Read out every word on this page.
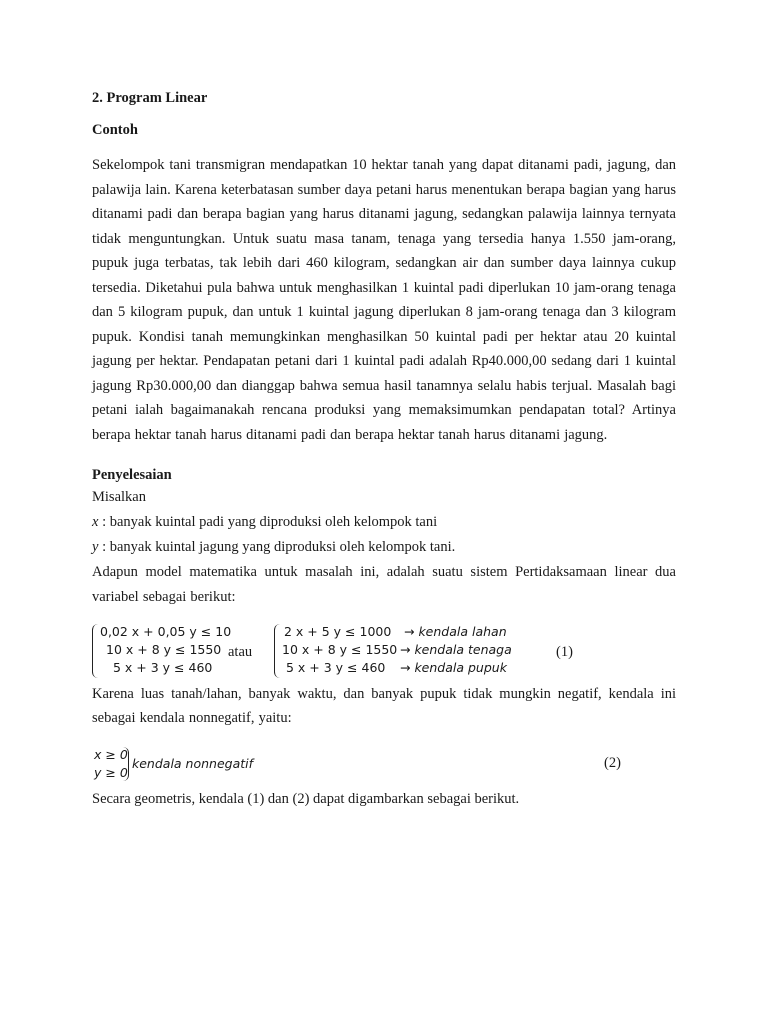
2. Program Linear

Contoh

Sekelompok tani transmigran mendapatkan 10 hektar tanah yang dapat ditanami padi, jagung, dan palawija lain. Karena keterbatasan sumber daya petani harus menentukan berapa bagian yang harus ditanami padi dan berapa bagian yang harus ditanami jagung, sedangkan palawija lainnya ternyata tidak menguntungkan. Untuk suatu masa tanam, tenaga yang tersedia hanya 1.550 jam-orang, pupuk juga terbatas, tak lebih dari 460 kilogram, sedangkan air dan sumber daya lainnya cukup tersedia. Diketahui pula bahwa untuk menghasilkan 1 kuintal padi diperlukan 10 jam-orang tenaga dan 5 kilogram pupuk, dan untuk 1 kuintal jagung diperlukan 8 jam-orang tenaga dan 3 kilogram pupuk. Kondisi tanah memungkinkan menghasilkan 50 kuintal padi per hektar atau 20 kuintal jagung per hektar. Pendapatan petani dari 1 kuintal padi adalah Rp40.000,00 sedang dari 1 kuintal jagung Rp30.000,00 dan dianggap bahwa semua hasil tanamnya selalu habis terjual. Masalah bagi petani ialah bagaimanakah rencana produksi yang memaksimumkan pendapatan total? Artinya berapa hektar tanah harus ditanami padi dan berapa hektar tanah harus ditanami jagung.

Penyelesaian

Misalkan

x : banyak kuintal padi yang diproduksi oleh kelompok tani

y : banyak kuintal jagung yang diproduksi oleh kelompok tani.

Adapun model matematika untuk masalah ini, adalah suatu sistem Pertidaksamaan linear dua variabel sebagai berikut:

0,02 x + 0,05 y ≤ 10
10 x + 8 y ≤ 1550
5 x + 3 y ≤ 460
atau
2 x + 5 y ≤ 1000
10 x + 8 y ≤ 1550
5 x + 3 y ≤ 460
→ kendala lahan
→ kendala tenaga
→ kendala pupuk
(1)

Karena luas tanah/lahan, banyak waktu, dan banyak pupuk tidak mungkin negatif, kendala ini sebagai kendala nonnegatif, yaitu:

x ≥ 0
y ≥ 0
kendala nonnegatif	(2)

Secara geometris, kendala (1) dan (2) dapat digambarkan sebagai berikut.
